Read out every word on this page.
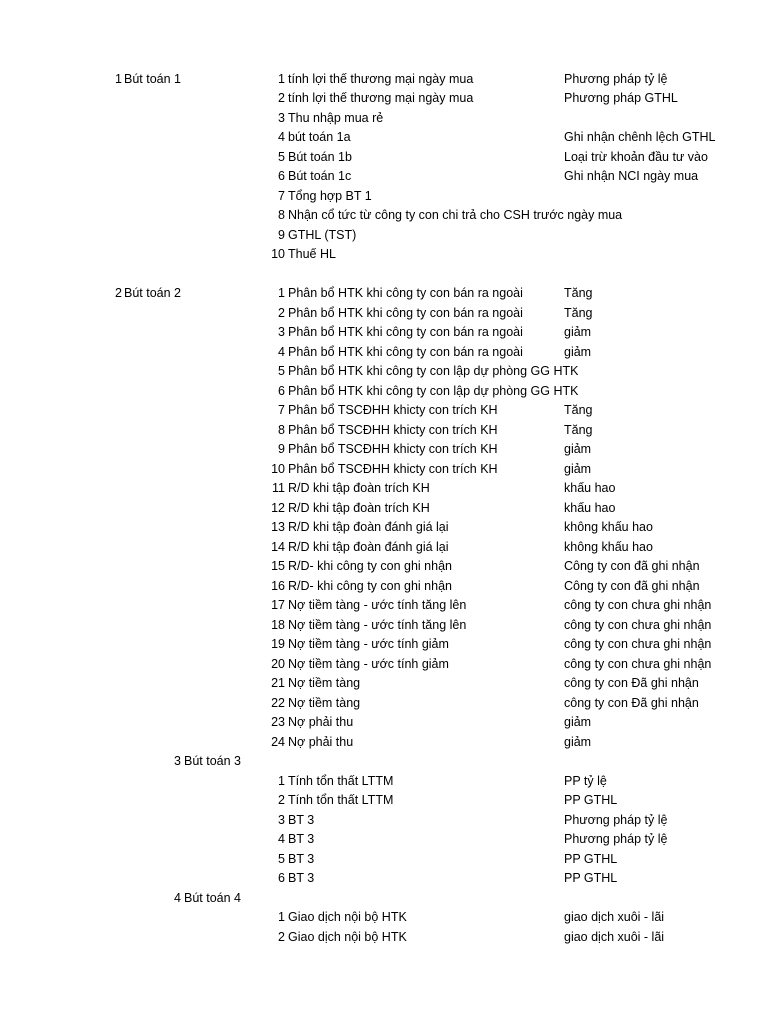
1 Bút toán 1	1 tính lợi thế thương mại ngày mua	Phương pháp tỷ lệ
2 tính lợi thế thương mại ngày mua	Phương pháp GTHL
3 Thu nhập mua rẻ
4 bút toán 1a	Ghi nhận chênh lệch GTHL
5 Bút toán 1b	Loại trừ khoản đầu tư vào
6 Bút toán 1c	Ghi nhận NCI ngày mua
7 Tổng hợp BT 1
8 Nhận cổ tức từ công ty con chi trả cho CSH trước ngày mua
9 GTHL (TST)
10 Thuế HL
2 Bút toán 2	1 Phân bổ HTK khi công ty con bán ra ngoài	Tăng
2 Phân bổ HTK khi công ty con bán ra ngoài	Tăng
3 Phân bổ HTK khi công ty con bán ra ngoài	giảm
4 Phân bổ HTK khi công ty con bán ra ngoài	giảm
5 Phân bổ HTK khi công ty con lập dự phòng GG HTK
6 Phân bổ HTK khi công ty con lập dự phòng GG HTK
7 Phân bổ TSCĐHH khicty con trích KH	Tăng
8 Phân bổ TSCĐHH khicty con trích KH	Tăng
9 Phân bổ TSCĐHH khicty con trích KH	giảm
10 Phân bổ TSCĐHH khicty con trích KH	giảm
11 R/D khi tập đoàn trích KH	khấu hao
12 R/D khi tập đoàn trích KH	khấu hao
13 R/D khi tập đoàn đánh giá lại	không khấu hao
14 R/D khi tập đoàn đánh giá lại	không khấu hao
15 R/D- khi công ty con ghi nhận	Công ty con đã ghi nhận
16 R/D- khi công ty con ghi nhận	Công ty con đã ghi nhận
17 Nợ tiềm tàng - ước tính tăng lên	công ty con chưa ghi nhận
18 Nợ tiềm tàng - ước tính tăng lên	công ty con chưa ghi nhận
19 Nợ tiềm tàng - ước tính giảm	công ty con chưa ghi nhận
20 Nợ tiềm tàng - ước tính giảm	công ty con chưa ghi nhận
21 Nợ tiềm tàng	công ty con Đã ghi nhận
22 Nợ tiềm tàng	công ty con Đã ghi nhận
23 Nợ phải thu	giảm
24 Nợ phải thu	giảm
3 Bút toán 3
1 Tính tổn thất LTTM	PP tỷ lệ
2 Tính tổn thất LTTM	PP GTHL
3 BT 3	Phương pháp tỷ lệ
4 BT 3	Phương pháp tỷ lệ
5 BT 3	PP GTHL
6 BT 3	PP GTHL
4 Bút toán 4
1 Giao dịch nội bộ HTK	giao dịch xuôi - lãi
2 Giao dịch nội bộ HTK	giao dịch xuôi - lãi
